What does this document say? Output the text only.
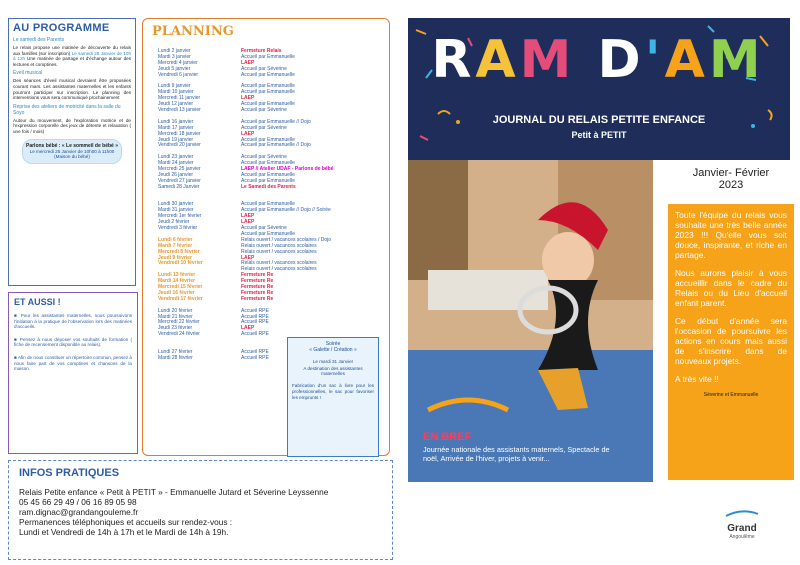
AU PROGRAMME
Le samedi des Parents

Le relais propose une matinée de découverte du relais aux familles (sur inscription) Le samedi 28 Janvier de 10h à 12h Une matinée de partage et d'échange autour des lectures et comptines.

Éveil musical

Des séances d'éveil musical devraient être proposées courant mars. Les assistantes maternelles et les enfants pourront participer sur inscription. Le planning des interventions vous sera communiqué prochainement

Reprise des ateliers de motricité dans la salle du Soyo

Autour du mouvement, de l'exploration motrice et de l'expression corporelle des jeux de détente et relaxation ( une fois / mois)

Parlons bébé : « Le sommeil de bébé »
Le mercredi 25 Janvier de 10h00 à 11h00
(Maison du bébé)
ET AUSSI !

■ Pour les assistantes maternelles, nous poursuivons l'initiation à la pratique de l'observation lors des matinées d'accueils.

■ Pensez à nous déposer vos souhaits de formation ( fiche de recensement disponible au relais).

■ Afin de nous constituer un répertoire commun, pensez à nous faire part de vos comptines et chansons de la maison.

PLANNING
Lundi 2 janvier	Fermeture Relais
Mardi 3 janvier	Accueil par Emmanuelle
Mercredi 4 janvier	LAEP
Jeudi 5 janvier	Accueil par Séverine
Vendredi 6 janvier	Accueil par Emmanuelle
Lundi 9 janvier	Accueil par Emmanuelle
Mardi 10 janvier	Accueil par Emmanuelle
Mercredi 11 janvier	LAEP
Jeudi 12 janvier	Accueil par Emmanuelle
Vendredi 13 janvier	Accueil par Séverine
Lundi 16 janvier	Accueil par Emmanuelle // Dojo
Mardi 17 janvier	Accueil par Séverine
Mercredi 18 janvier	LAEP
Jeudi 19 janvier	Accueil par Emmanuelle
Vendredi 20 janvier	Accueil par Emmanuelle // Dojo
Lundi 23 janvier	Accueil par Séverine
Mardi 24 janvier	Accueil par Emmanuelle
Mercredi 25 janvier	LAEP // Atelier UDAF - Parlons de bébé
Jeudi 26 janvier	Accueil par Emmanuelle
Vendredi 27 janvier	Accueil par Emmanuelle
Samedi 28 Janvier	Le Samedi des Parents
Lundi 30 janvier	Accueil par Emmanuelle
Mardi 31 janvier	Accueil par Emmanuelle // Dojo // Soirée
Mercredi 1er février	LAEP
Jeudi 2 février	LAEP
Vendredi 3 février	Accueil par Séverine
Accueil par Emmanuelle
Lundi 6 février	Relais ouvert / vacances scolaires / Dojo
Mardi 7 février	Relais ouvert / vacances scolaires
Mercredi 8 février	Relais ouvert / vacances scolaires
Jeudi 9 février	LAEP
Vendredi 10 février	Relais ouvert / vacances scolaires
Relais ouvert / vacances scolaires
Lundi 13 février	Fermeture Re
Mardi 14 février	Fermeture Re
Mercredi 15 février	Fermeture Re
Jeudi 16 février	Fermeture Re
Vendredi 17 février	Fermeture Re
Lundi 20 février	Accueil RPE
Mardi 21 février	Accueil RPE
Mercredi 22 février	Accueil RPE
Jeudi 23 février	LAEP
Vendredi 24 février	Accueil RPE
Lundi 27 février	Accueil RPE
Mardi 28 février	Accueil RPE
Soirée
« Galette / Création »
Le mardi 31 Janvier
A destination des assistantes maternelles
Fabrication d'un sac à livre pour les professionnelles, le sac pour favoriser les emprunts !
INFOS PRATIQUES

Relais Petite enfance « Petit à PETIT » - Emmanuelle Jutard et Séverine Leyssenne

05 45 66 29 49 / 06 16 89 05 98

ram.dignac@grandangouleme.fr

Permanences téléphoniques et accueils sur rendez-vous :

Lundi et Vendredi de 14h à 17h et le Mardi de 14h à 19h.

RAM D'AM
JOURNAL DU RELAIS PETITE ENFANCE
Petit à PETIT
Janvier- Février
2023
EN BREF
Journée nationale des assistants maternels, Spectacle de noël, Arrivée de l'hiver, projets à venir...

Toute l'équipe du relais vous souhaite une très belle année 2023 !!! Qu'elle vous soit douce, inspirante, et riche en partage.

Nous aurons plaisir à vous accueillir dans le cadre du Relais ou du Lieu d'accueil enfant parent.

Ce début d'année sera l'occasion de poursuivre les actions en cours mais aussi de s'inscrire dans de nouveaux projets.

A très vite !!

Séverine et Emmanuelle
Grand
Angoulême
